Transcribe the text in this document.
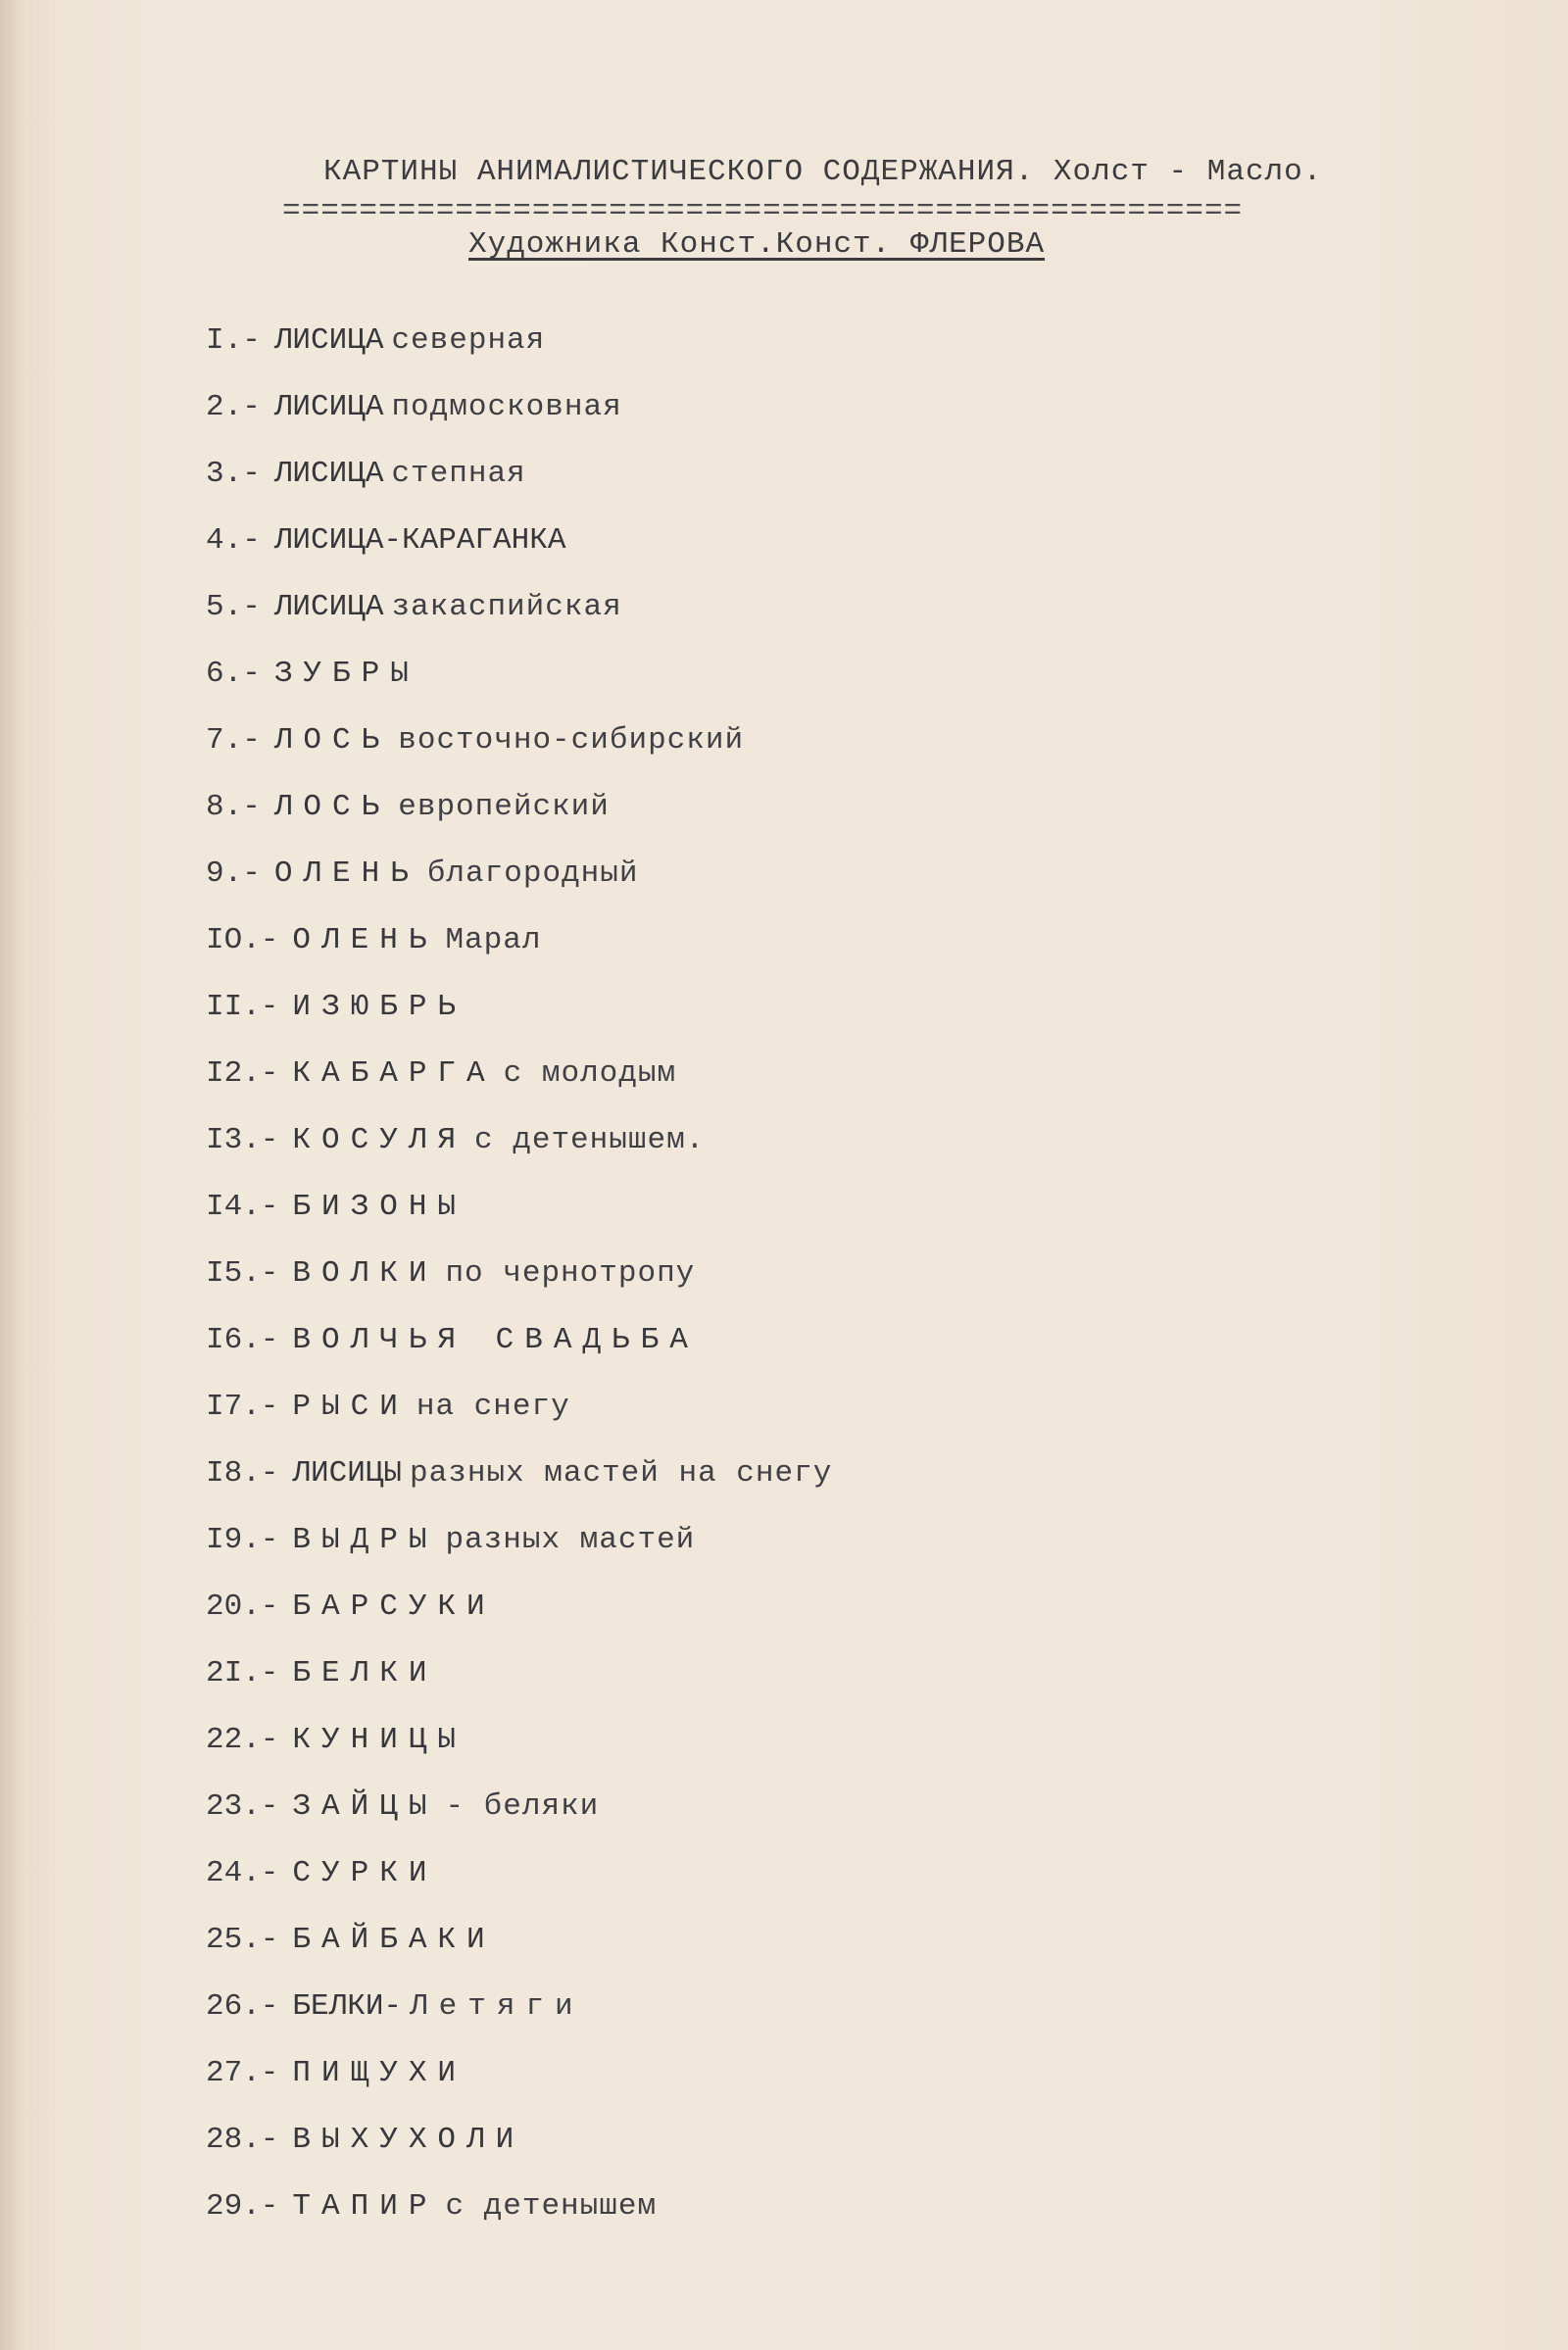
КАРТИНЫ АНИМАЛИСТИЧЕСКОГО СОДЕРЖАНИЯ. Холст - Масло.
==================================================
Художника Конст.Конст. ФЛЕРОВА
I.- ЛИСИЦА северная
2.- ЛИСИЦА подмосковная
3.- ЛИСИЦА степная
4.- ЛИСИЦА-КАРАГАНКА
5.- ЛИСИЦА закаспийская
6.- ЗУБРЫ
7.- ЛОСЬ восточно-сибирский
8.- ЛОСЬ европейский
9.- ОЛЕНЬ благородный
IO.- ОЛЕНЬ Марал
II.- ИЗЮБРЬ
I2.- КАБАРГА с молодым
I3.- КОСУЛЯ с детенышем.
I4.- БИЗОНЫ
I5.- ВОЛКИ по чернотропу
I6.- ВОЛЧЬЯ СВАДЬБА
I7.- РЫСИ на снегу
I8.- ЛИСИЦЫ разных мастей на снегу
I9.- ВЫДРЫ разных мастей
20.- БАРСУКИ
2I.- БЕЛКИ
22.- КУНИЦЫ
23.- ЗАЙЦЫ - беляки
24.- СУРКИ
25.- БАЙБАКИ
26.- БЕЛКИ- Летяги
27.- ПИЩУХИ
28.- ВЫХУХОЛИ
29.- ТАПИР с детенышем
